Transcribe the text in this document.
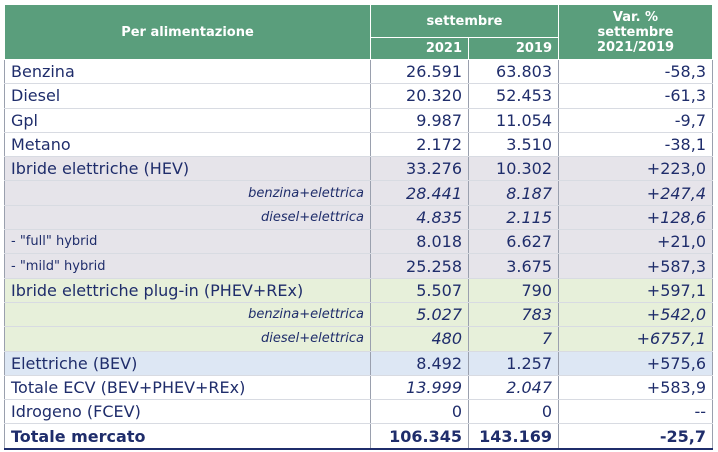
Per alimentazione	settembre		Var. %
settembre
2021/2019

	2021	2019	
Benzina	26.591	63.803	-58,3
Diesel	20.320	52.453	-61,3
Gpl	9.987	11.054	-9,7
Metano	2.172	3.510	-38,1
Ibride elettriche (HEV)	33.276	10.302	+223,0
benzina+elettrica	28.441	8.187	+247,4
diesel+elettrica	4.835	2.115	+128,6
- "full" hybrid	8.018	6.627	+21,0
- "mild" hybrid	25.258	3.675	+587,3
Ibride elettriche plug-in (PHEV+REx)	5.507	790	+597,1
benzina+elettrica	5.027	783	+542,0
diesel+elettrica	480	7	+6757,1
Elettriche (BEV)	8.492	1.257	+575,6
Totale ECV (BEV+PHEV+REx)	13.999	2.047	+583,9
Idrogeno (FCEV)	0	0	--
Totale mercato	106.345	143.169	-25,7
